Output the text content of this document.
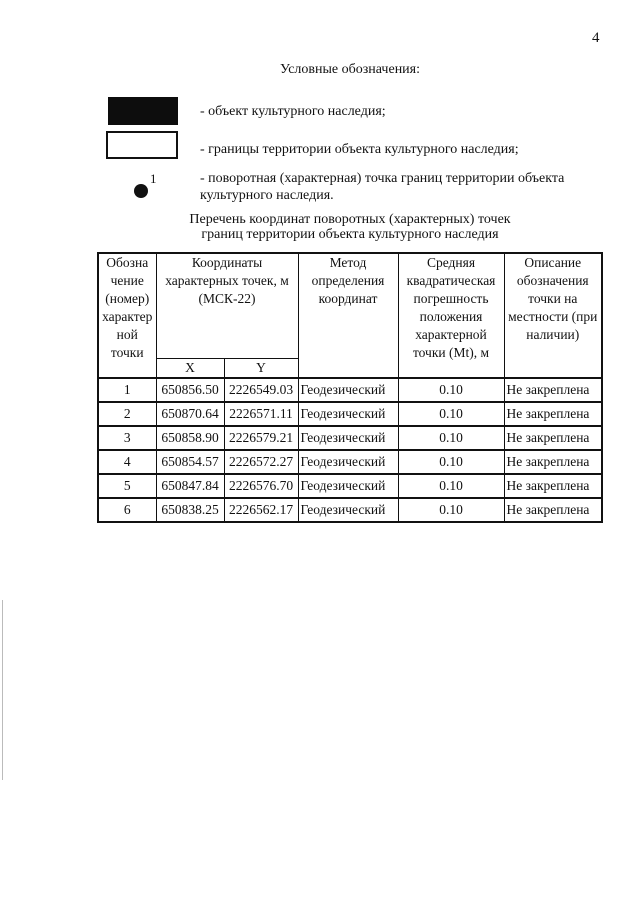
4
Условные обозначения:
- объект культурного наследия;
- границы территории объекта культурного наследия;
1	- поворотная (характерная) точка границ территории объекта культурного наследия.
Перечень координат поворотных (характерных) точек
границ территории объекта культурного наследия
Обозна чение (номер) характер ной точки	Координаты характерных точек, м (МСК-22)		Метод определения координат	Средняя квадратическая погрешность положения характерной точки (Mt), м	Описание обозначения точки на местности (при наличии)
	X	Y			
1	650856.50	2226549.03	Геодезический	0.10	Не закреплена
2	650870.64	2226571.11	Геодезический	0.10	Не закреплена
3	650858.90	2226579.21	Геодезический	0.10	Не закреплена
4	650854.57	2226572.27	Геодезический	0.10	Не закреплена
5	650847.84	2226576.70	Геодезический	0.10	Не закреплена
6	650838.25	2226562.17	Геодезический	0.10	Не закреплена
